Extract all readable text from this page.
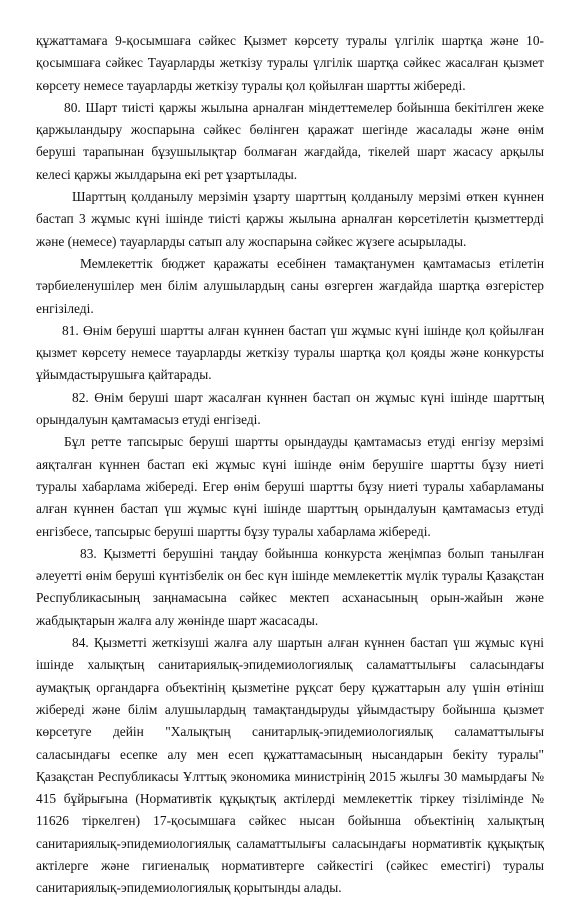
құжаттамаға 9-қосымшаға сәйкес Қызмет көрсету туралы үлгілік шартқа және 10-қосымшаға сәйкес Тауарларды жеткізу туралы үлгілік шартқа сәйкес жасалған қызмет көрсету немесе тауарларды жеткізу туралы қол қойылған шартты жібереді.

80. Шарт тиісті қаржы жылына арналған міндеттемелер бойынша бекітілген жеке қаржыландыру жоспарына сәйкес бөлінген қаражат шегінде жасалады және өнім беруші тарапынан бұзушылықтар болмаған жағдайда, тікелей шарт жасасу арқылы келесі қаржы жылдарына екі рет ұзартылады.

Шарттың қолданылу мерзімін ұзарту шарттың қолданылу мерзімі өткен күннен бастап 3 жұмыс күні ішінде тиісті қаржы жылына арналған көрсетілетін қызметтерді және (немесе) тауарларды сатып алу жоспарына сәйкес жүзеге асырылады.

Мемлекеттік бюджет қаражаты есебінен тамақтанумен қамтамасыз етілетін тәрбиеленушілер мен білім алушылардың саны өзгерген жағдайда шартқа өзгерістер енгізіледі.

81. Өнім беруші шартты алған күннен бастап үш жұмыс күні ішінде қол қойылған қызмет көрсету немесе тауарларды жеткізу туралы шартқа қол қояды және конкурсты ұйымдастырушыға қайтарады.

82. Өнім беруші шарт жасалған күннен бастап он жұмыс күні ішінде шарттың орындалуын қамтамасыз етуді енгізеді.

Бұл ретте тапсырыс беруші шартты орындауды қамтамасыз етуді енгізу мерзімі аяқталған күннен бастап екі жұмыс күні ішінде өнім берушіге шартты бұзу ниеті туралы хабарлама жібереді. Егер өнім беруші шартты бұзу ниеті туралы хабарламаны алған күннен бастап үш жұмыс күні ішінде шарттың орындалуын қамтамасыз етуді енгізбесе, тапсырыс беруші шартты бұзу туралы хабарлама жібереді.

83. Қызметті берушіні таңдау бойынша конкурста жеңімпаз болып танылған әлеуетті өнім беруші күнтізбелік он бес күн ішінде мемлекеттік мүлік туралы Қазақстан Республикасының заңнамасына сәйкес мектеп асханасының орын-жайын және жабдықтарын жалға алу жөнінде шарт жасасады.

84. Қызметті жеткізуші жалға алу шартын алған күннен бастап үш жұмыс күні ішінде халықтың санитариялық-эпидемиологиялық саламаттылығы саласындағы аумақтық органдарға объектінің қызметіне рұқсат беру құжаттарын алу үшін өтініш жібереді және білім алушылардың тамақтандыруды ұйымдастыру бойынша қызмет көрсетуге дейін "Халықтың санитарлық-эпидемиологиялық саламаттылығы саласындағы есепке алу мен есеп құжаттамасының нысандарын бекіту туралы" Қазақстан Республикасы Ұлттық экономика министрінің 2015 жылғы 30 мамырдағы № 415 бұйрығына (Нормативтік құқықтық актілерді мемлекеттік тіркеу тізілімінде № 11626 тіркелген) 17-қосымшаға сәйкес нысан бойынша объектінің халықтың санитариялық-эпидемиологиялық саламаттылығы саласындағы нормативтік құқықтық актілерге және гигиеналық нормативтерге сәйкестігі (сәйкес еместігі) туралы санитариялық-эпидемиологиялық қорытынды алады.
